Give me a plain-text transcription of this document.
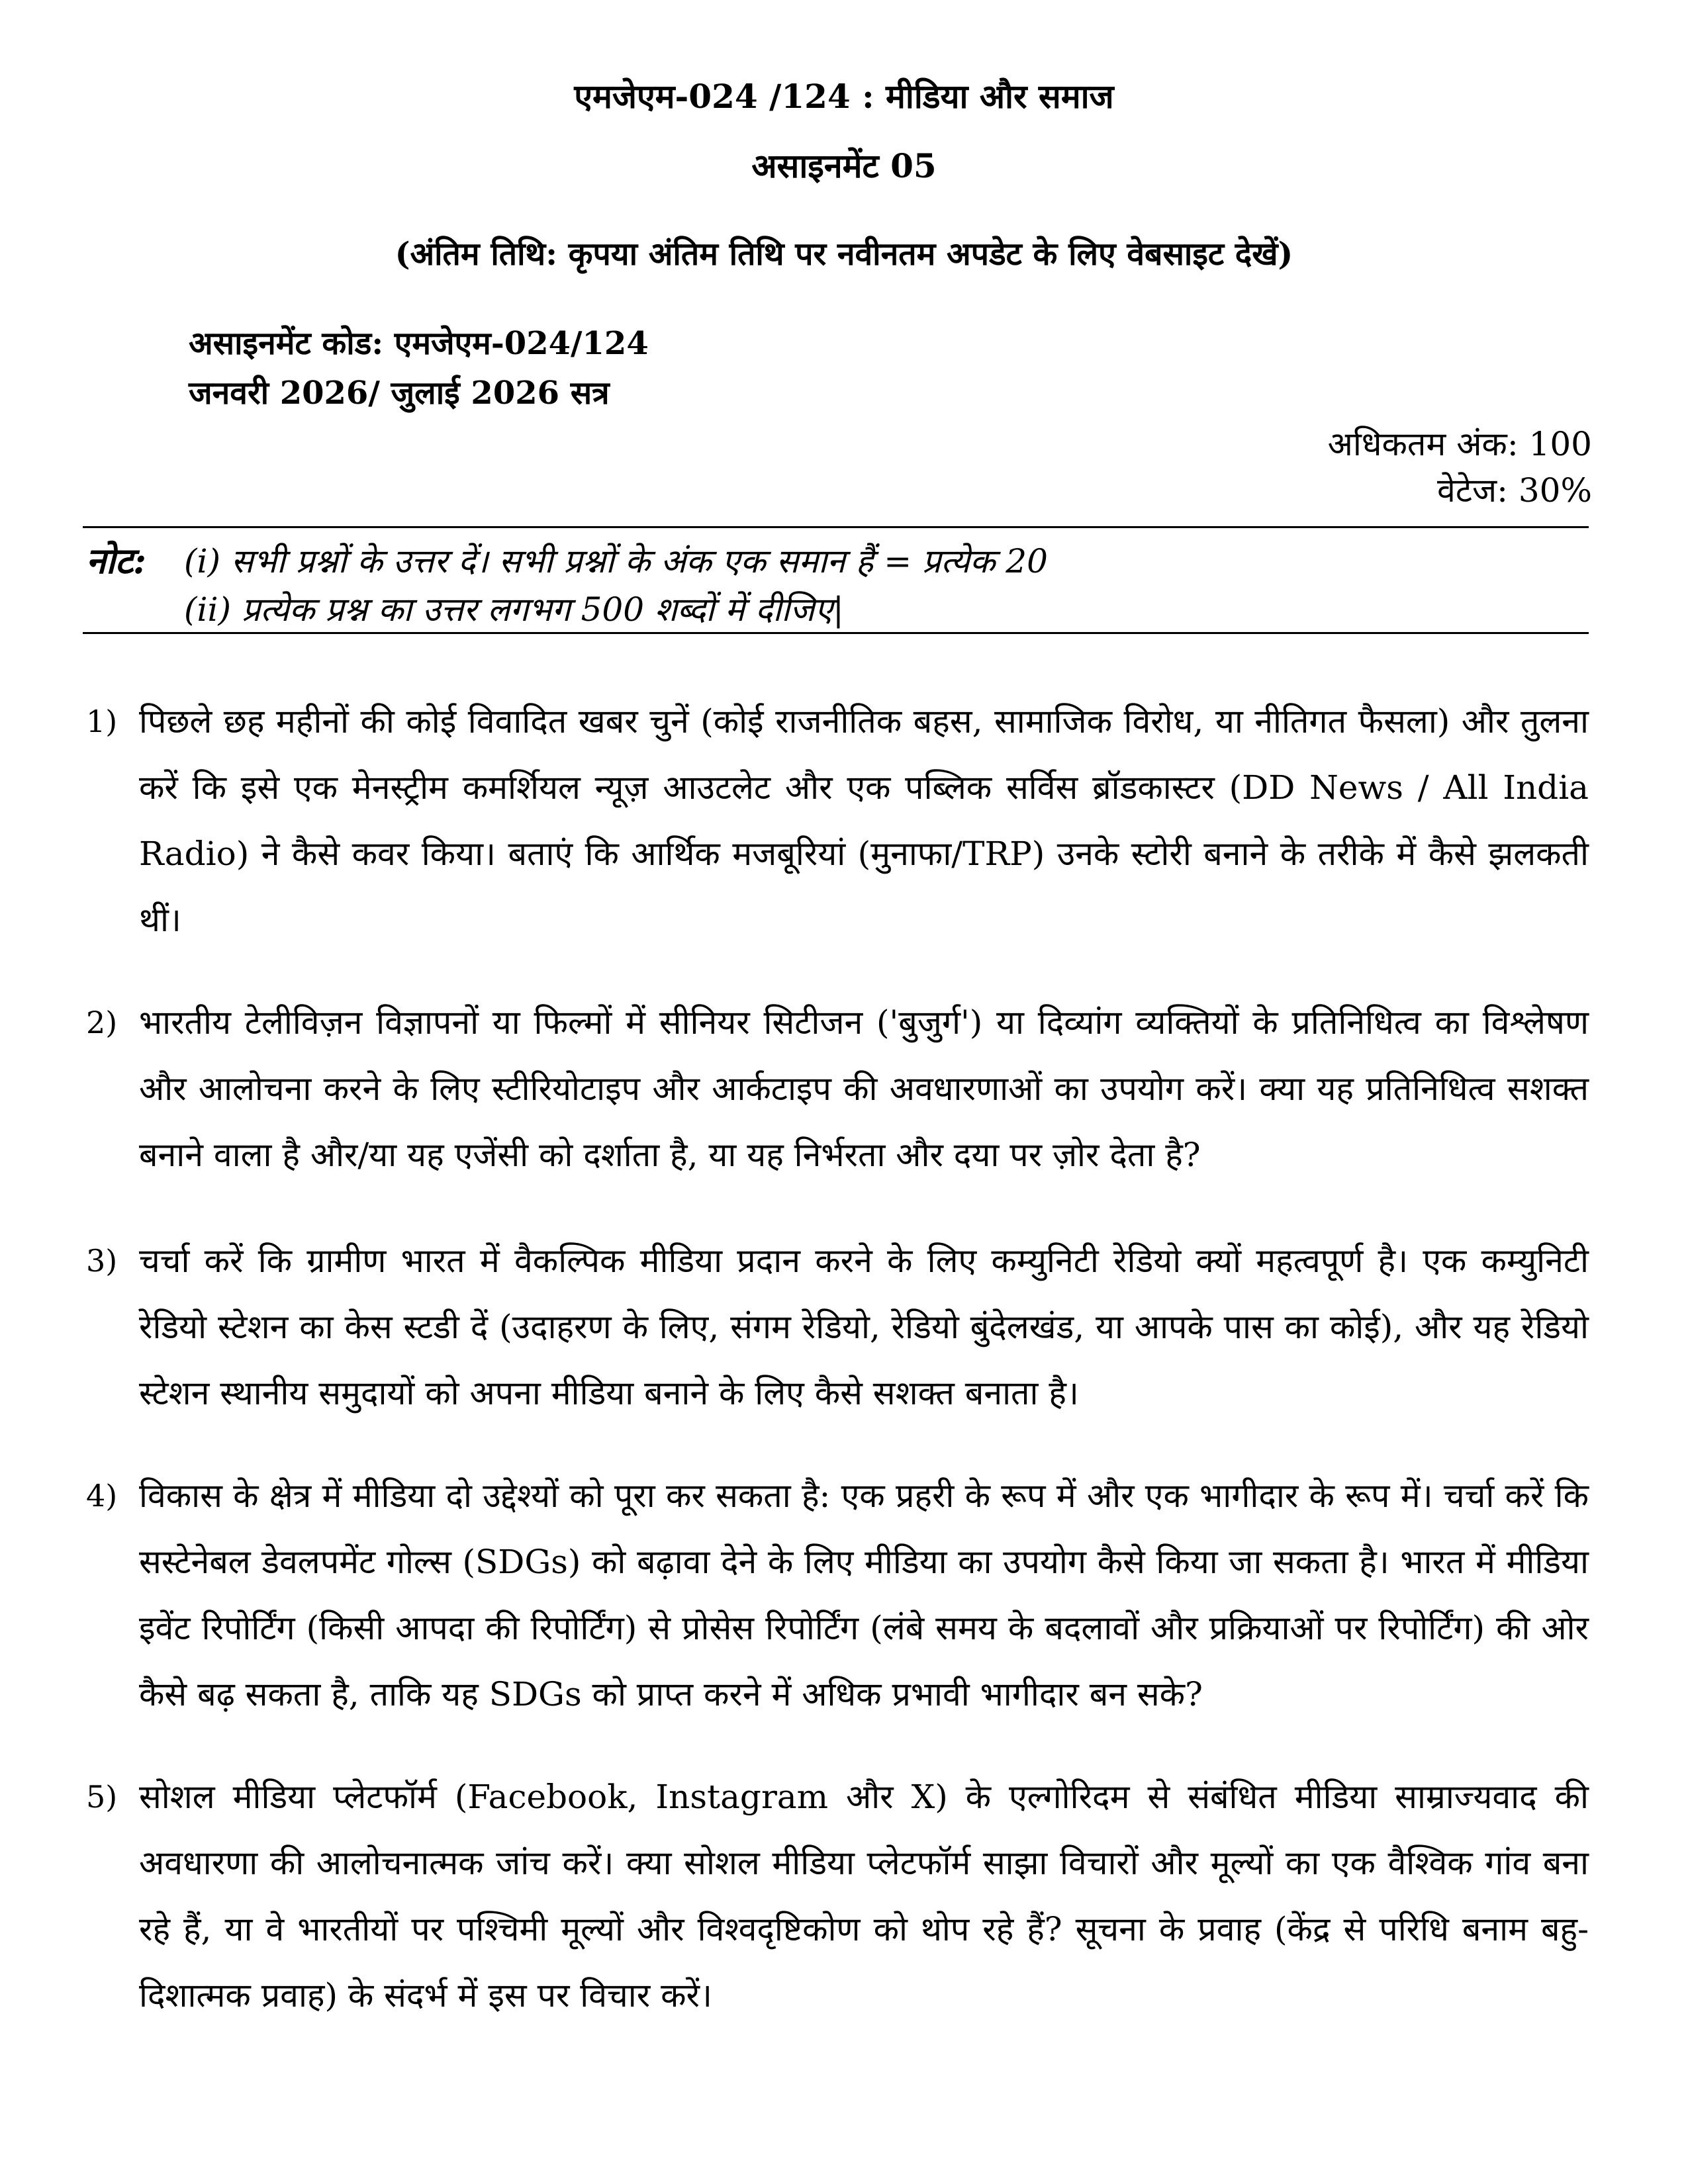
एमजेएम-024 /124 : मीडिया और समाज
असाइनमेंट 05
(अंतिम तिथि: कृपया अंतिम तिथि पर नवीनतम अपडेट के लिए वेबसाइट देखें)
असाइनमेंट कोड: एमजेएम-024/124
जनवरी 2026/ जुलाई 2026 सत्र
अधिकतम अंक: 100
वेटेज: 30%
नोट: (i) सभी प्रश्नों के उत्तर दें। सभी प्रश्नों के अंक एक समान हैं = प्रत्येक 20
(ii) प्रत्येक प्रश्न का उत्तर लगभग 500 शब्दों में दीजिए|
1) पिछले छह महीनों की कोई विवादित खबर चुनें (कोई राजनीतिक बहस, सामाजिक विरोध, या नीतिगत फैसला) और तुलना करें कि इसे एक मेनस्ट्रीम कमर्शियल न्यूज़ आउटलेट और एक पब्लिक सर्विस ब्रॉडकास्टर (DD News / All India Radio) ने कैसे कवर किया। बताएं कि आर्थिक मजबूरियां (मुनाफा/TRP) उनके स्टोरी बनाने के तरीके में कैसे झलकती थीं।
2) भारतीय टेलीविज़न विज्ञापनों या फिल्मों में सीनियर सिटीजन ('बुजुर्ग') या दिव्यांग व्यक्तियों के प्रतिनिधित्व का विश्लेषण और आलोचना करने के लिए स्टीरियोटाइप और आर्कटाइप की अवधारणाओं का उपयोग करें। क्या यह प्रतिनिधित्व सशक्त बनाने वाला है और/या यह एजेंसी को दर्शाता है, या यह निर्भरता और दया पर ज़ोर देता है?
3) चर्चा करें कि ग्रामीण भारत में वैकल्पिक मीडिया प्रदान करने के लिए कम्युनिटी रेडियो क्यों महत्वपूर्ण है। एक कम्युनिटी रेडियो स्टेशन का केस स्टडी दें (उदाहरण के लिए, संगम रेडियो, रेडियो बुंदेलखंड, या आपके पास का कोई), और यह रेडियो स्टेशन स्थानीय समुदायों को अपना मीडिया बनाने के लिए कैसे सशक्त बनाता है।
4) विकास के क्षेत्र में मीडिया दो उद्देश्यों को पूरा कर सकता है: एक प्रहरी के रूप में और एक भागीदार के रूप में। चर्चा करें कि सस्टेनेबल डेवलपमेंट गोल्स (SDGs) को बढ़ावा देने के लिए मीडिया का उपयोग कैसे किया जा सकता है। भारत में मीडिया इवेंट रिपोर्टिंग (किसी आपदा की रिपोर्टिंग) से प्रोसेस रिपोर्टिंग (लंबे समय के बदलावों और प्रक्रियाओं पर रिपोर्टिंग) की ओर कैसे बढ़ सकता है, ताकि यह SDGs को प्राप्त करने में अधिक प्रभावी भागीदार बन सके?
5) सोशल मीडिया प्लेटफॉर्म (Facebook, Instagram और X) के एल्गोरिदम से संबंधित मीडिया साम्राज्यवाद की अवधारणा की आलोचनात्मक जांच करें। क्या सोशल मीडिया प्लेटफॉर्म साझा विचारों और मूल्यों का एक वैश्विक गांव बना रहे हैं, या वे भारतीयों पर पश्चिमी मूल्यों और विश्वदृष्टिकोण को थोप रहे हैं? सूचना के प्रवाह (केंद्र से परिधि बनाम बहु-दिशात्मक प्रवाह) के संदर्भ में इस पर विचार करें।
